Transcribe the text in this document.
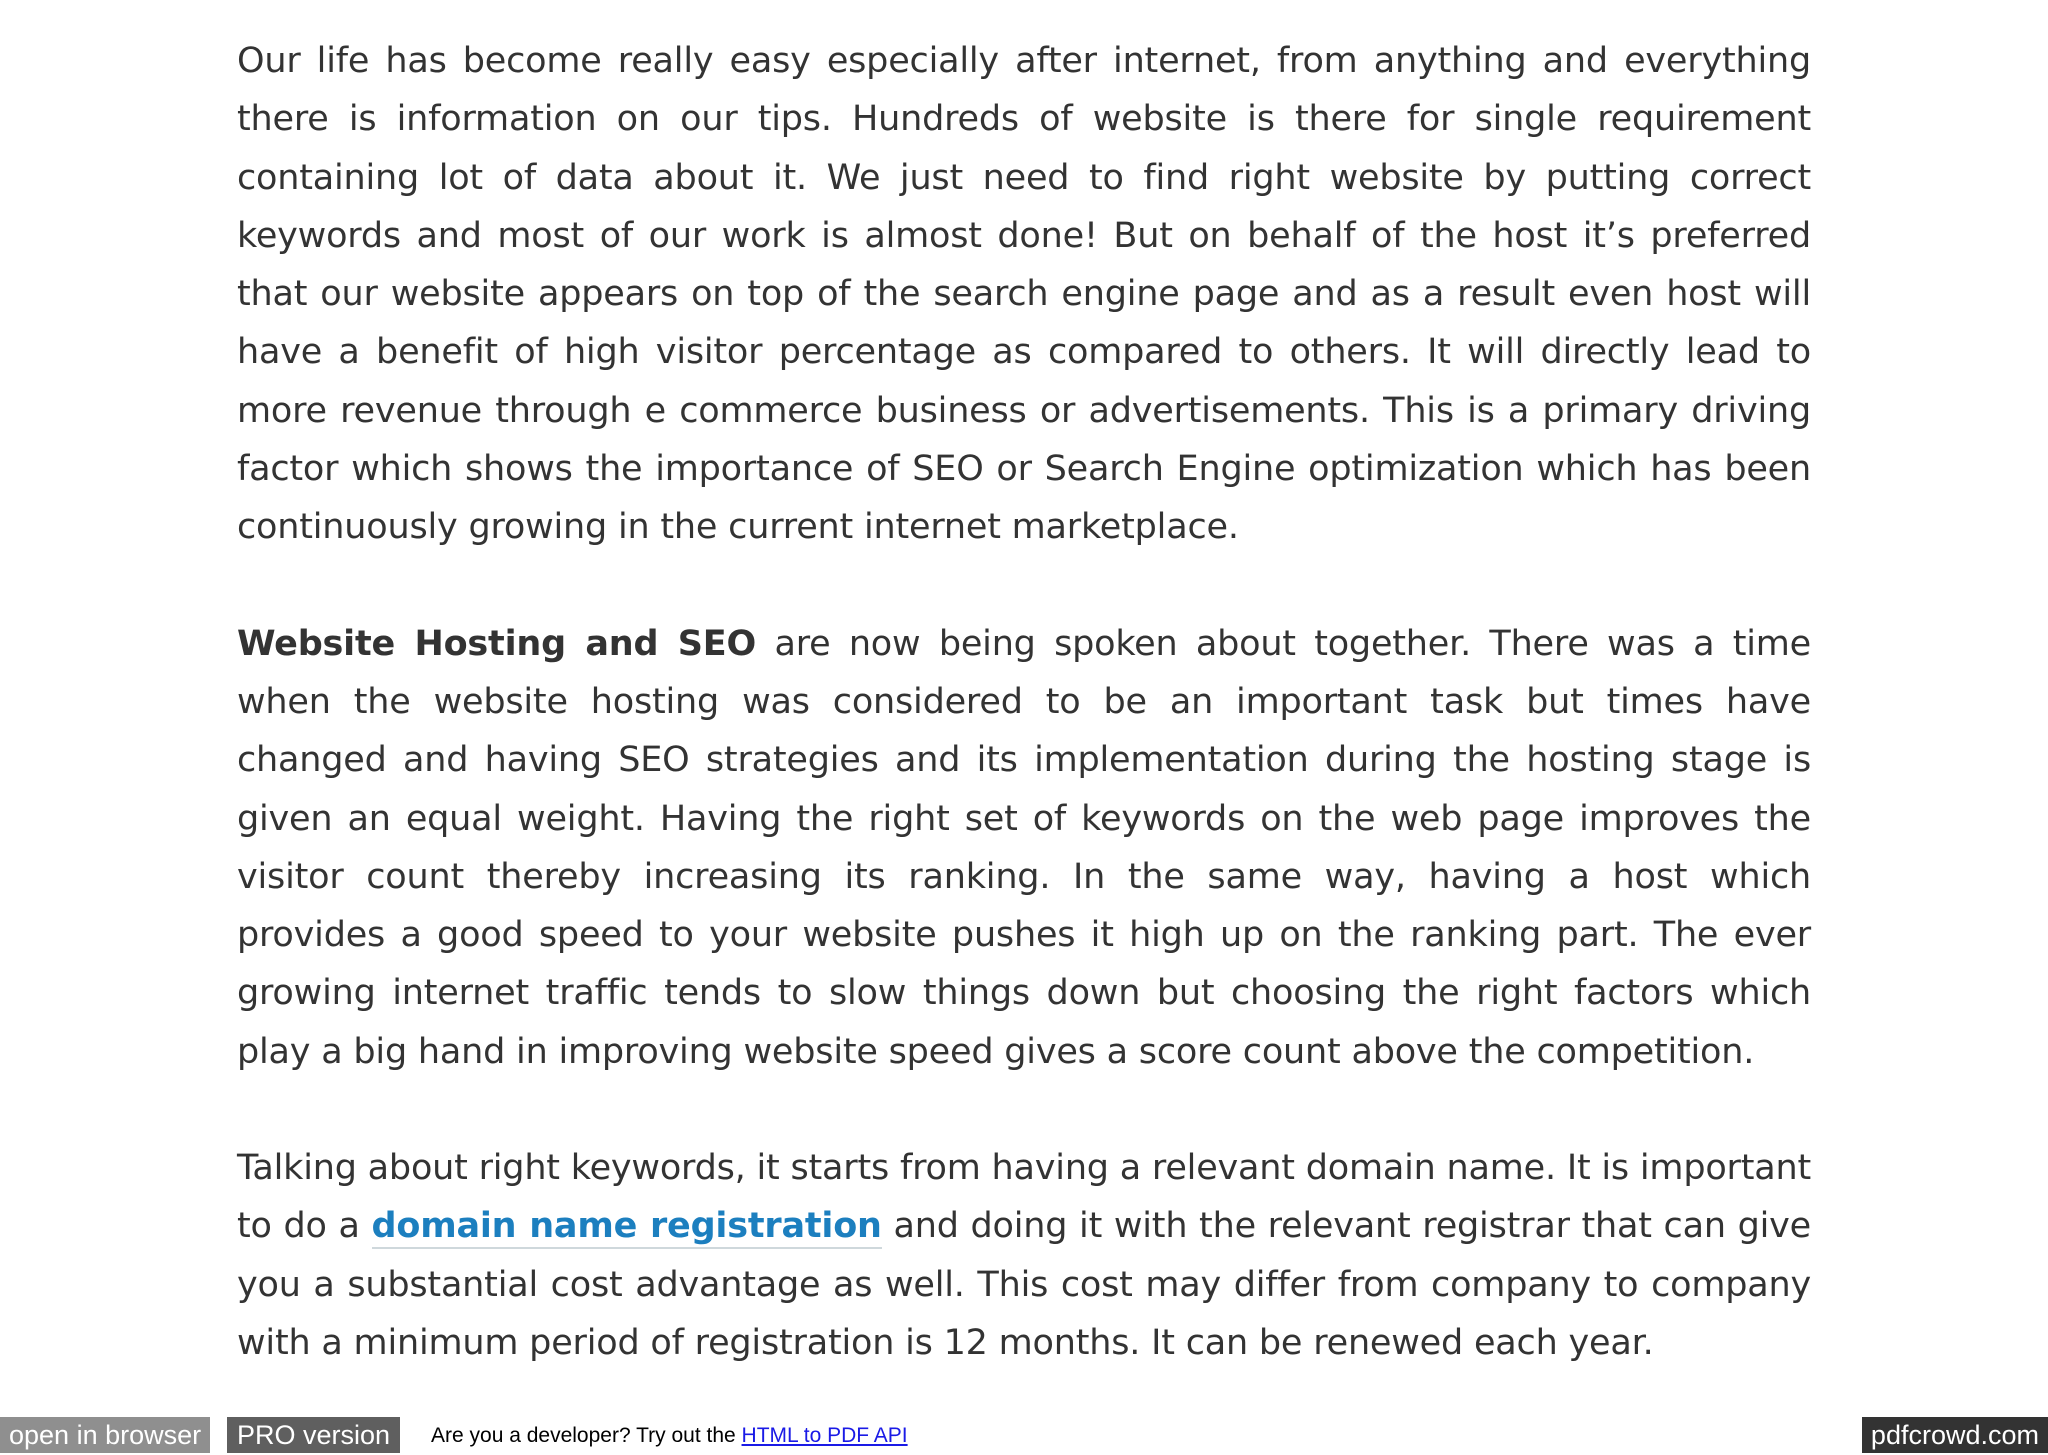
Our life has become really easy especially after internet, from anything and everything there is information on our tips. Hundreds of website is there for single requirement containing lot of data about it. We just need to find right website by putting correct keywords and most of our work is almost done! But on behalf of the host it’s preferred that our website appears on top of the search engine page and as a result even host will have a benefit of high visitor percentage as compared to others. It will directly lead to more revenue through e commerce business or advertisements. This is a primary driving factor which shows the importance of SEO or Search Engine optimization which has been continuously growing in the current internet marketplace.

Website Hosting and SEO are now being spoken about together. There was a time when the website hosting was considered to be an important task but times have changed and having SEO strategies and its implementation during the hosting stage is given an equal weight. Having the right set of keywords on the web page improves the visitor count thereby increasing its ranking. In the same way, having a host which provides a good speed to your website pushes it high up on the ranking part. The ever growing internet traffic tends to slow things down but choosing the right factors which play a big hand in improving website speed gives a score count above the competition.

Talking about right keywords, it starts from having a relevant domain name. It is important to do a domain name registration and doing it with the relevant registrar that can give you a substantial cost advantage as well. This cost may differ from company to company with a minimum period of registration is 12 months. It can be renewed each year.

open in browser	PRO version	Are you a developer? Try out the HTML to PDF API	pdfcrowd.com
